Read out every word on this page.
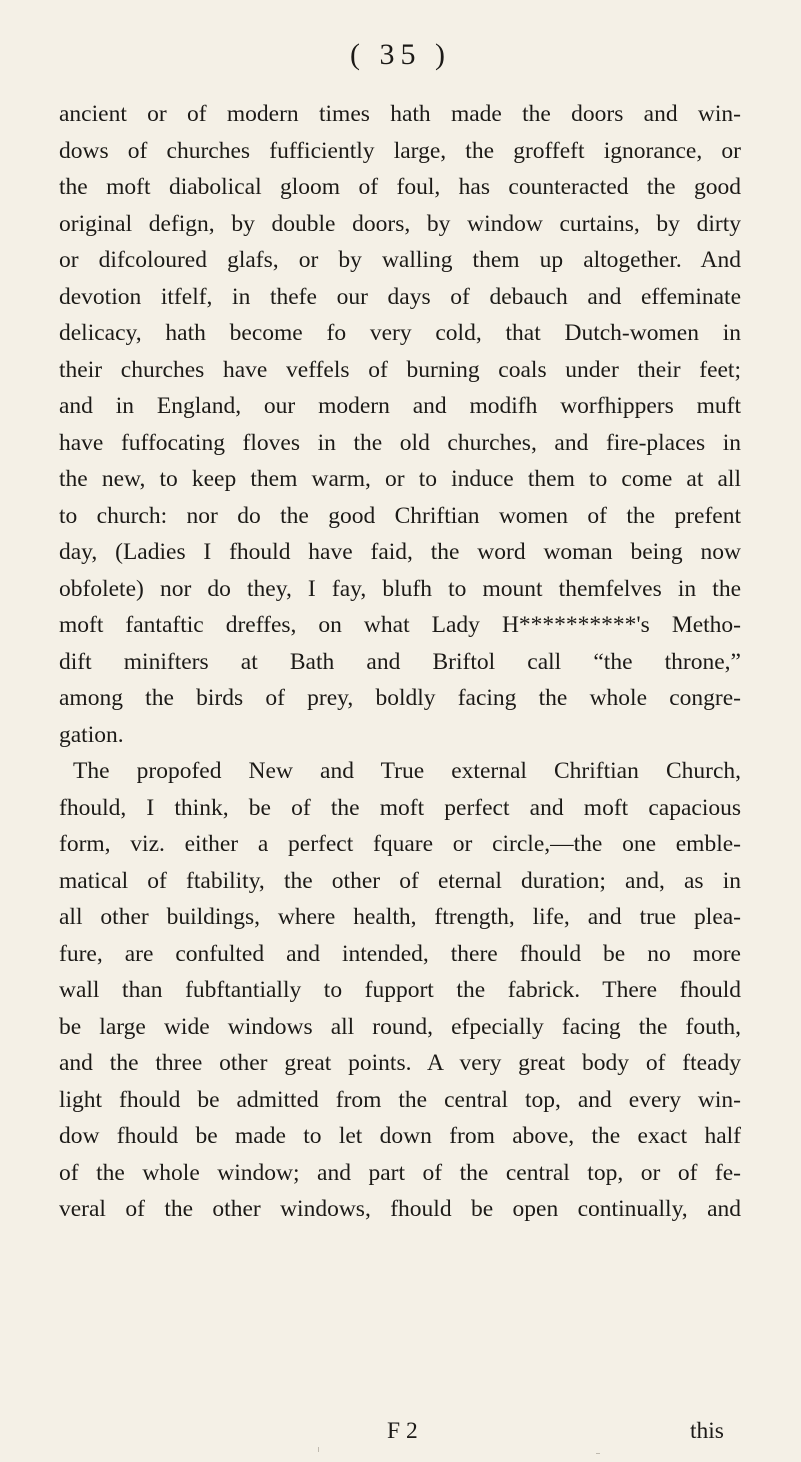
( 35 )
ancient or of modern times hath made the doors and win-
dows of churches fufficiently large, the groffeft ignorance, or
the moft diabolical gloom of foul, has counteracted the good
original defign, by double doors, by window curtains, by dirty
or difcoloured glafs, or by walling them up altogether. And
devotion itfelf, in thefe our days of debauch and effeminate
delicacy, hath become fo very cold, that Dutch-women in
their churches have veffels of burning coals under their feet;
and in England, our modern and modifh worfhippers muft
have fuffocating floves in the old churches, and fire-places in
the new, to keep them warm, or to induce them to come at all
to church: nor do the good Chriftian women of the prefent
day, (Ladies I fhould have faid, the word woman being now
obfolete) nor do they, I fay, blufh to mount themfelves in the
moft fantaftic dreffes, on what Lady H**********'s Metho-
dift minifters at Bath and Briftol call “the throne,”
among the birds of prey, boldly facing the whole congre-
gation.
The propofed New and True external Chriftian Church,
fhould, I think, be of the moft perfect and moft capacious
form, viz. either a perfect fquare or circle,—the one emble-
matical of ftability, the other of eternal duration; and, as in
all other buildings, where health, ftrength, life, and true plea-
fure, are confulted and intended, there fhould be no more
wall than fubftantially to fupport the fabrick. There fhould
be large wide windows all round, efpecially facing the fouth,
and the three other great points. A very great body of fteady
light fhould be admitted from the central top, and every win-
dow fhould be made to let down from above, the exact half
of the whole window; and part of the central top, or of fe-
veral of the other windows, fhould be open continually, and
F 2	this
